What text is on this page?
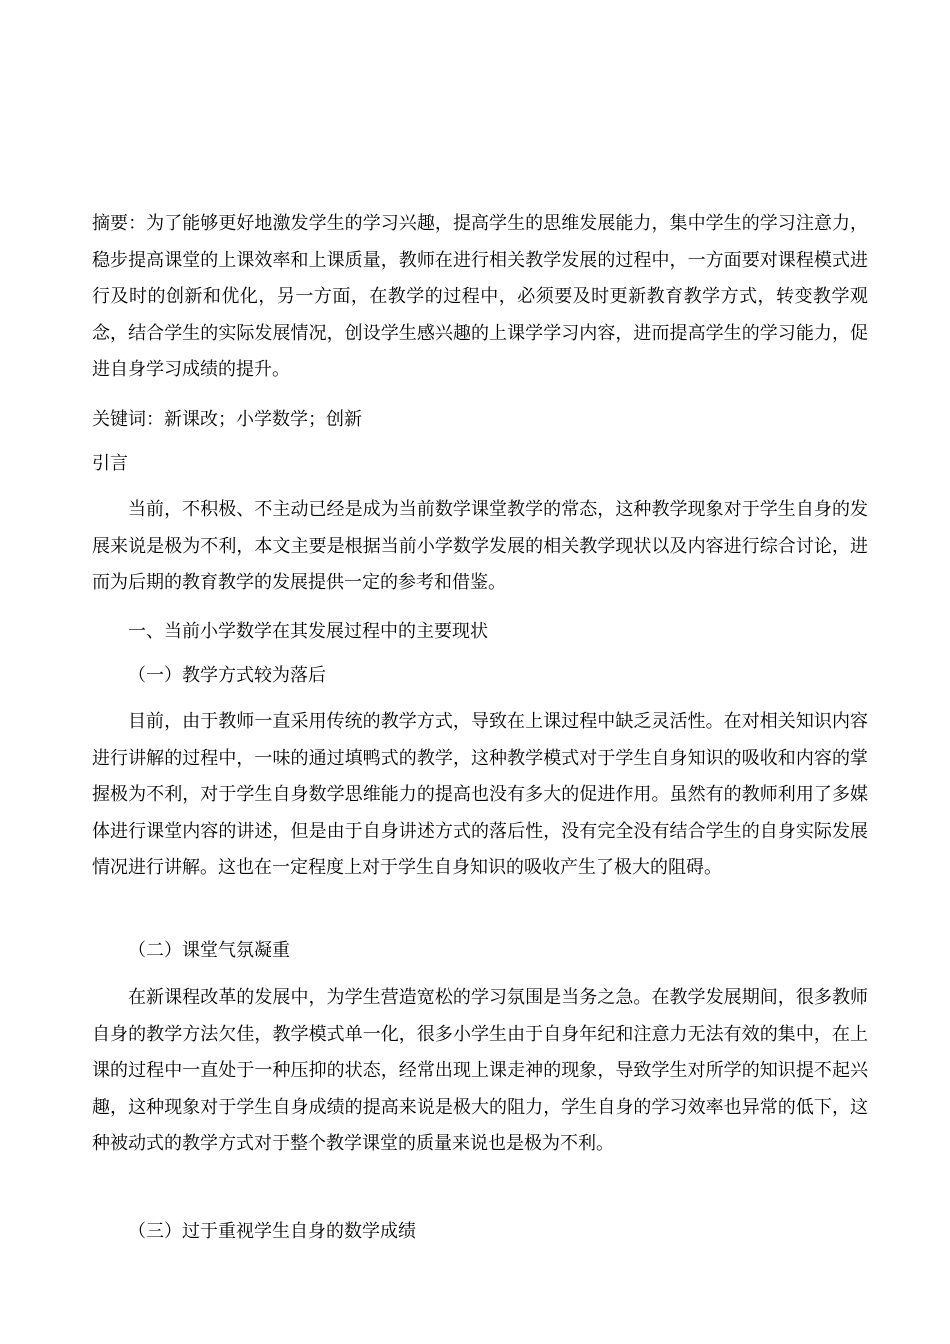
摘要：为了能够更好地激发学生的学习兴趣，提高学生的思维发展能力，集中学生的学习注意力，稳步提高课堂的上课效率和上课质量，教师在进行相关教学发展的过程中，一方面要对课程模式进行及时的创新和优化，另一方面，在教学的过程中，必须要及时更新教育教学方式，转变教学观念，结合学生的实际发展情况，创设学生感兴趣的上课学学习内容，进而提高学生的学习能力，促进自身学习成绩的提升。

关键词：新课改；小学数学；创新

引言

当前，不积极、不主动已经是成为当前数学课堂教学的常态，这种教学现象对于学生自身的发展来说是极为不利，本文主要是根据当前小学数学发展的相关教学现状以及内容进行综合讨论，进而为后期的教育教学的发展提供一定的参考和借鉴。

一、当前小学数学在其发展过程中的主要现状

（一）教学方式较为落后

目前，由于教师一直采用传统的教学方式，导致在上课过程中缺乏灵活性。在对相关知识内容进行讲解的过程中，一味的通过填鸭式的教学，这种教学模式对于学生自身知识的吸收和内容的掌握极为不利，对于学生自身数学思维能力的提高也没有多大的促进作用。虽然有的教师利用了多媒体进行课堂内容的讲述，但是由于自身讲述方式的落后性，没有完全没有结合学生的自身实际发展情况进行讲解。这也在一定程度上对于学生自身知识的吸收产生了极大的阻碍。

（二）课堂气氛凝重

在新课程改革的发展中，为学生营造宽松的学习氛围是当务之急。在教学发展期间，很多教师自身的教学方法欠佳，教学模式单一化，很多小学生由于自身年纪和注意力无法有效的集中，在上课的过程中一直处于一种压抑的状态，经常出现上课走神的现象，导致学生对所学的知识提不起兴趣，这种现象对于学生自身成绩的提高来说是极大的阻力，学生自身的学习效率也异常的低下，这种被动式的教学方式对于整个教学课堂的质量来说也是极为不利。

（三）过于重视学生自身的数学成绩
